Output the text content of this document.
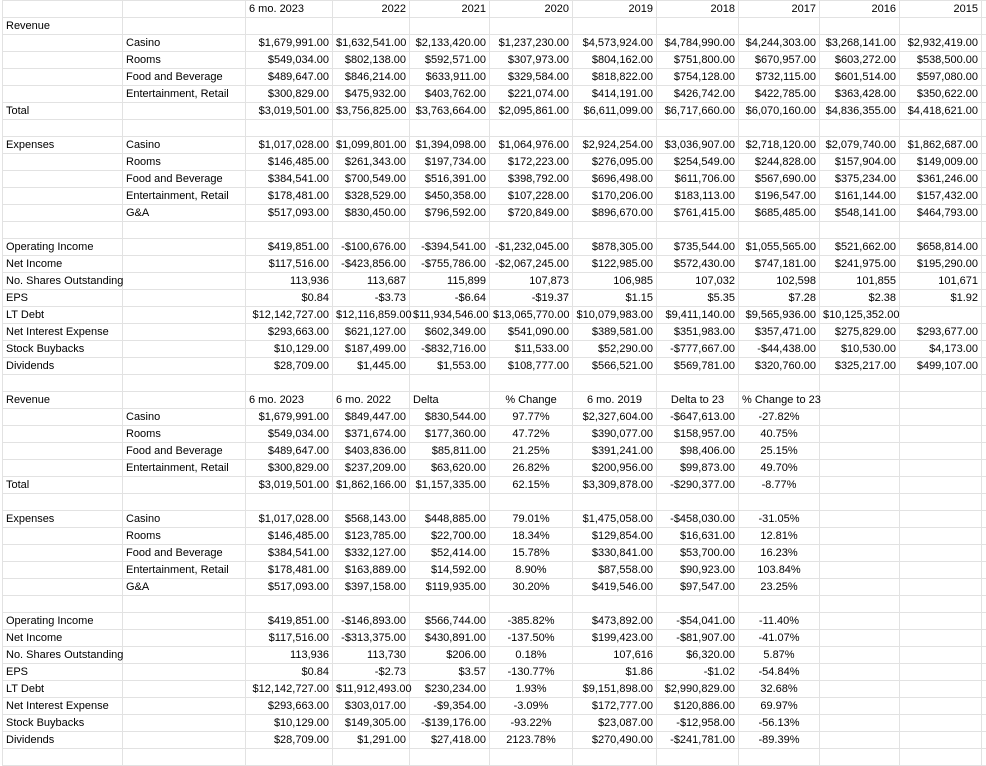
6 mo. 2023	2022	2021	2020	2019	2018	2017	2016	2015
Revenue
Casino	$1,679,991.00 $1,632,541.00 $2,133,420.00	$1,237,230.00	$4,573,924.00	$4,784,990.00 $4,244,303.00 $3,268,141.00	$2,932,419.00
Rooms	$549,034.00	$802,138.00	$592,571.00	$307,973.00	$804,162.00	$751,800.00	$670,957.00	$603,272.00	$538,500.00
Food and Beverage	$489,647.00	$846,214.00	$633,911.00	$329,584.00	$818,822.00	$754,128.00	$732,115.00	$601,514.00	$597,080.00
Entertainment, Retail	$300,829.00	$475,932.00	$403,762.00	$221,074.00	$414,191.00	$426,742.00	$422,785.00	$363,428.00	$350,622.00
Total	$3,019,501.00 $3,756,825.00 $3,763,664.00	$2,095,861.00	$6,611,099.00	$6,717,660.00 $6,070,160.00 $4,836,355.00	$4,418,621.00
Expenses	Casino	$1,017,028.00 $1,099,801.00 $1,394,098.00	$1,064,976.00	$2,924,254.00	$3,036,907.00 $2,718,120.00 $2,079,740.00	$1,862,687.00
Rooms	$146,485.00	$261,343.00	$197,734.00	$172,223.00	$276,095.00	$254,549.00	$244,828.00	$157,904.00	$149,009.00
Food and Beverage	$384,541.00	$700,549.00	$516,391.00	$398,792.00	$696,498.00	$611,706.00	$567,690.00	$375,234.00	$361,246.00
Entertainment, Retail	$178,481.00	$328,529.00	$450,358.00	$107,228.00	$170,206.00	$183,113.00	$196,547.00	$161,144.00	$157,432.00
G&A	$517,093.00	$830,450.00	$796,592.00	$720,849.00	$896,670.00	$761,415.00	$685,485.00	$548,141.00	$464,793.00
Operating Income	$419,851.00	-$100,676.00	-$394,541.00 -$1,232,045.00	$878,305.00	$735,544.00 $1,055,565.00	$521,662.00	$658,814.00
Net Income	$117,516.00	-$423,856.00	-$755,786.00 -$2,067,245.00	$122,985.00	$572,430.00	$747,181.00	$241,975.00	$195,290.00
No. Shares Outstanding	113,936	113,687	115,899	107,873	106,985	107,032	102,598	101,855	101,671
EPS	$0.84	-$3.73	-$6.64	-$19.37	$1.15	$5.35	$7.28	$2.38	$1.92
LT Debt	$12,142,727.00 $12,116,859.00 $11,934,546.00 $13,065,770.00 $10,079,983.00	$9,411,140.00 $9,565,936.00 $10,125,352.00
Net Interest Expense	$293,663.00	$621,127.00	$602,349.00	$541,090.00	$389,581.00	$351,983.00	$357,471.00	$275,829.00	$293,677.00
Stock Buybacks	$10,129.00	$187,499.00	-$832,716.00	$11,533.00	$52,290.00	-$777,667.00	-$44,438.00	$10,530.00	$4,173.00
Dividends	$28,709.00	$1,445.00	$1,553.00	$108,777.00	$566,521.00	$569,781.00	$320,760.00	$325,217.00	$499,107.00
Revenue	6 mo. 2023	6 mo. 2022	Delta	% Change	6 mo. 2019	Delta to 23	% Change to 23
Casino	$1,679,991.00	$849,447.00	$830,544.00	97.77%	$2,327,604.00	-$647,613.00	-27.82%
Rooms	$549,034.00	$371,674.00	$177,360.00	47.72%	$390,077.00	$158,957.00	40.75%
Food and Beverage	$489,647.00	$403,836.00	$85,811.00	21.25%	$391,241.00	$98,406.00	25.15%
Entertainment, Retail	$300,829.00	$237,209.00	$63,620.00	26.82%	$200,956.00	$99,873.00	49.70%
Total	$3,019,501.00 $1,862,166.00 $1,157,335.00	62.15%	$3,309,878.00	-$290,377.00	-8.77%
Expenses	Casino	$1,017,028.00	$568,143.00	$448,885.00	79.01%	$1,475,058.00	-$458,030.00	-31.05%
Rooms	$146,485.00	$123,785.00	$22,700.00	18.34%	$129,854.00	$16,631.00	12.81%
Food and Beverage	$384,541.00	$332,127.00	$52,414.00	15.78%	$330,841.00	$53,700.00	16.23%
Entertainment, Retail	$178,481.00	$163,889.00	$14,592.00	8.90%	$87,558.00	$90,923.00	103.84%
G&A	$517,093.00	$397,158.00	$119,935.00	30.20%	$419,546.00	$97,547.00	23.25%
Operating Income	$419,851.00	-$146,893.00	$566,744.00	-385.82%	$473,892.00	-$54,041.00	-11.40%
Net Income	$117,516.00	-$313,375.00	$430,891.00	-137.50%	$199,423.00	-$81,907.00	-41.07%
No. Shares Outstanding	113,936	113,730	$206.00	0.18%	107,616	$6,320.00	5.87%
EPS	$0.84	-$2.73	$3.57	-130.77%	$1.86	-$1.02	-54.84%
LT Debt	$12,142,727.00 $11,912,493.00	$230,234.00	1.93%	$9,151,898.00	$2,990,829.00	32.68%
Net Interest Expense	$293,663.00	$303,017.00	-$9,354.00	-3.09%	$172,777.00	$120,886.00	69.97%
Stock Buybacks	$10,129.00	$149,305.00	-$139,176.00	-93.22%	$23,087.00	-$12,958.00	-56.13%
Dividends	$28,709.00	$1,291.00	$27,418.00	2123.78%	$270,490.00	-$241,781.00	-89.39%
